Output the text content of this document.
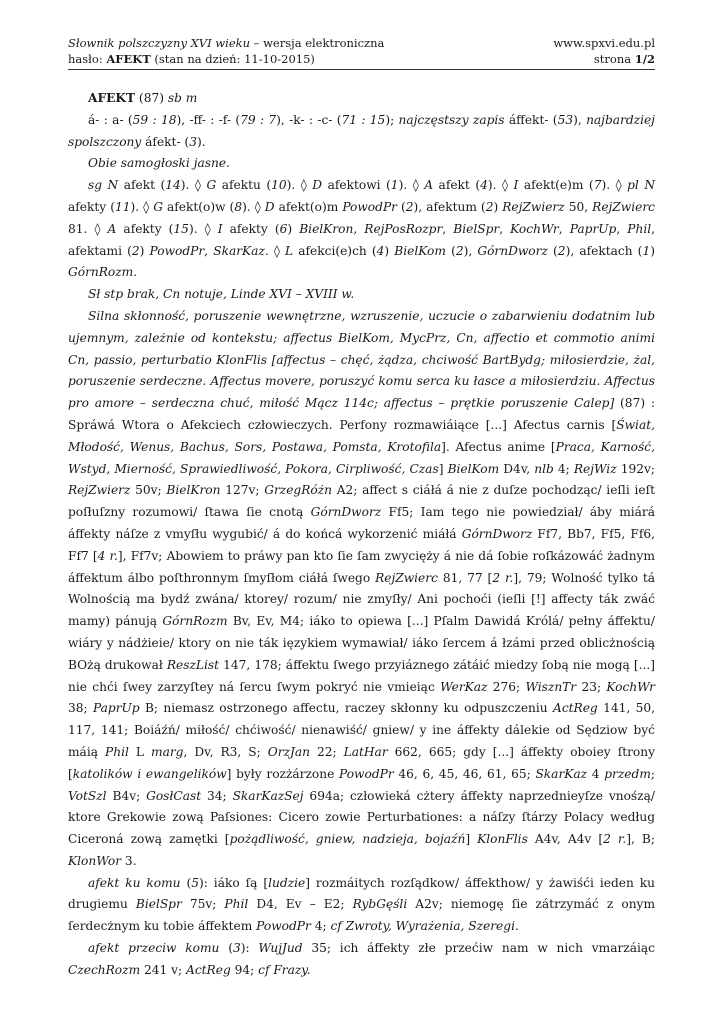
Słownik polszczyzny XVI wieku – wersja elektroniczna
hasło: AFEKT (stan na dzień: 11-10-2015)
www.spxvi.edu.pl
strona 1/2

AFEKT (87) sb m

á- : a- (59 : 18), -ff- : -f- (79 : 7), -k- : -c- (71 : 15); najczęstszy zapis áffekt- (53), najbardziej spolszczony áfekt- (3).

Obie samogłoski jasne.

sg N afekt (14). ◊ G afektu (10). ◊ D afektowi (1). ◊ A afekt (4). ◊ I afekt(e)m (7). ◊ pl N afekty (11). ◊ G afekt(o)w (8). ◊ D afekt(o)m PowodPr (2), afektum (2) RejZwierz 50, RejZwierc 81. ◊ A afekty (15). ◊ I afekty (6) BielKron, RejPosRozpr, BielSpr, KochWr, PaprUp, Phil, afektami (2) PowodPr, SkarKaz. ◊ L afekci(e)ch (4) BielKom (2), GórnDworz (2), afektach (1) GórnRozm.

Sł stp brak, Cn notuje, Linde XVI – XVIII w.

Silna skłonność, poruszenie wewnętrzne, wzruszenie, uczucie o zabarwieniu dodatnim lub ujemnym, zależnie od kontekstu; affectus BielKom, MycPrz, Cn, affectio et commotio animi Cn, passio, perturbatio KlonFlis [affectus – chęć, żądza, chciwość BartBydg; miłosierdzie, żal, poruszenie serdeczne. Affectus movere, poruszyć komu serca ku łasce a miłosierdziu. Affectus pro amore – serdeczna chuć, miłość Mącz 114c; affectus – prętkie poruszenie Calep] (87) : Spráwá Wtora o Afekciech człowieczych. Perfony rozmawiáiące [...] Afectus carnis [Świat, Młodość, Wenus, Bachus, Sors, Postawa, Pomsta, Krotofila]. Afectus anime [Praca, Karność, Wstyd, Mierność, Sprawiedliwość, Pokora, Cirpliwość, Czas] BielKom D4v, nlb 4; RejWiz 192v; RejZwierz 50v; BielKron 127v; GrzegRóżn A2; affect s ciáłá á nie z duſze pochodząc/ ieſli ieſt poſłuſzny rozumowi/ ſtawa ſie cnotą GórnDworz Ff5; Iam tego nie powiedział/ áby miárá áffekty náſze z vmyſłu wygubić/ á do końcá wykorzenić miáłá GórnDworz Ff7, Bb7, Ff5, Ff6, Ff7 [4 r.], Ff7v; Abowiem to práwy pan kto ſie ſam zwycięży á nie dá ſobie roſkázowáć żadnym áffektum álbo poſthronnym ſmyſłom ciáłá ſwego RejZwierc 81, 77 [2 r.], 79; Wolność tylko tá Wolnością ma bydź zwána/ ktorey/ rozum/ nie zmyſły/ Ani pochoći (ieſli [!] affecty ták zwáć mamy) pánują GórnRozm Bv, Ev, M4; iáko to opiewa [...] Pſalm Dawidá Królá/ pełny áffektu/ wiáry y nádżieie/ ktory on nie ták ięzykiem wymawiał/ iáko ſercem á łzámi przed oblicżnością BOżą drukował ReszList 147, 178; áffektu ſwego przyiáznego zátáić miedzy ſobą nie mogą [...] nie chći ſwey zarzyſtey ná ſercu ſwym pokryć nie vmieiąc WerKaz 276; WisznTr 23; KochWr 38; PaprUp B; niemasz ostrzonego affectu, raczey skłonny ku odpuszczeniu ActReg 141, 50, 117, 141; Boiáźń/ miłość/ chćiwość/ nienawiść/ gniew/ y ine áffekty dálekie od Sędziow być máią Phil L marg, Dv, R3, S; OrzJan 22; LatHar 662, 665; gdy [...] áffekty oboiey ſtrony [katolików i ewangelików] były rozżárzone PowodPr 46, 6, 45, 46, 61, 65; SkarKaz 4 przedm; VotSzl B4v; GosłCast 34; SkarKazSej 694a; człowieká cżtery áffekty naprzednieyſze vnośzą/ ktore Grekowie zową Paſsiones: Cicero zowie Perturbationes: a náſzy ſtárzy Polacy według Ciceroná zową zamętki [pożądliwość, gniew, nadzieja, bojaźń] KlonFlis A4v, A4v [2 r.], B; KlonWor 3.

afekt ku komu (5): iáko ſą [ludzie] rozmáitych rozſądkow/ áffekthow/ y żawiśći ieden ku drugiemu BielSpr 75v; Phil D4, Ev – E2; RybGęśli A2v; niemogę ſie zátrzymáć z onym ſerdecżnym ku tobie áffektem PowodPr 4; cf Zwroty, Wyrażenia, Szeregi.

afekt przeciw komu (3): WujJud 35; ich áffekty złe przećiw nam w nich vmarzáiąc CzechRozm 241 v; ActReg 94; cf Frazy.
